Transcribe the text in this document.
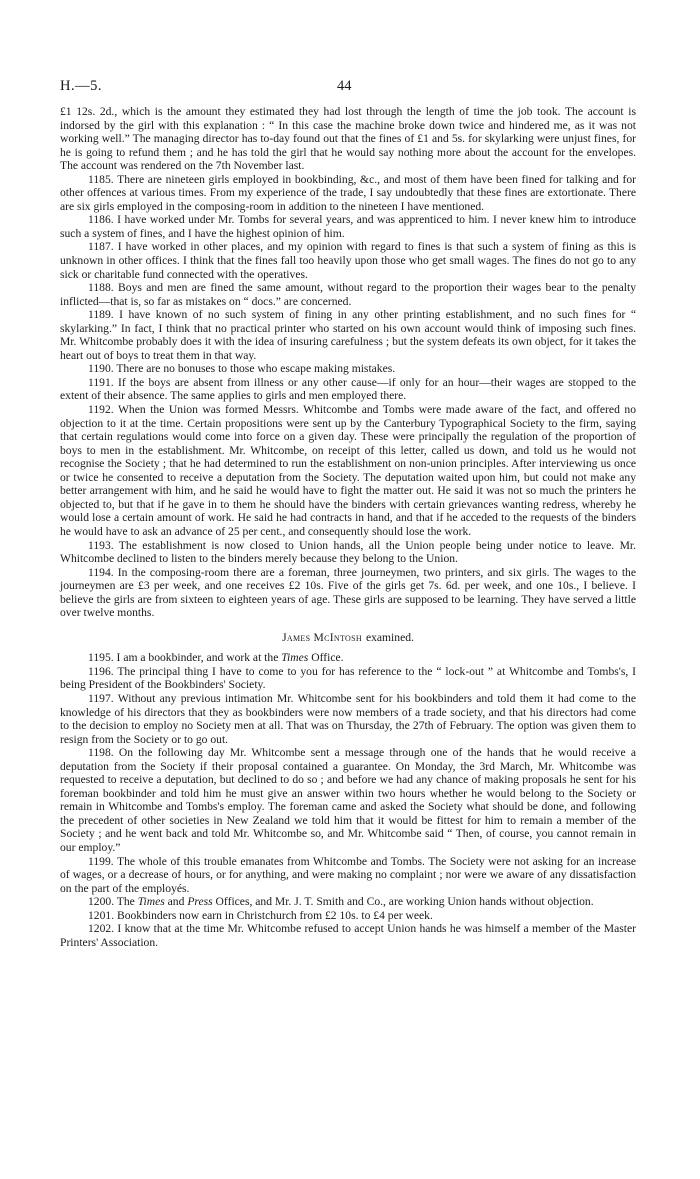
H.—5.	44

£1 12s. 2d., which is the amount they estimated they had lost through the length of time the job took. The account is indorsed by the girl with this explanation : “ In this case the machine broke down twice and hindered me, as it was not working well.” The managing director has to-day found out that the fines of £1 and 5s. for skylarking were unjust fines, for he is going to refund them ; and he has told the girl that he would say nothing more about the account for the envelopes. The account was rendered on the 7th November last.

1185. There are nineteen girls employed in bookbinding, &c., and most of them have been fined for talking and for other offences at various times. From my experience of the trade, I say undoubtedly that these fines are extortionate. There are six girls employed in the composing-room in addition to the nineteen I have mentioned.

1186. I have worked under Mr. Tombs for several years, and was apprenticed to him. I never knew him to introduce such a system of fines, and I have the highest opinion of him.

1187. I have worked in other places, and my opinion with regard to fines is that such a system of fining as this is unknown in other offices. I think that the fines fall too heavily upon those who get small wages. The fines do not go to any sick or charitable fund connected with the operatives.

1188. Boys and men are fined the same amount, without regard to the proportion their wages bear to the penalty inflicted—that is, so far as mistakes on “ docs.” are concerned.

1189. I have known of no such system of fining in any other printing establishment, and no such fines for “ skylarking.” In fact, I think that no practical printer who started on his own account would think of imposing such fines. Mr. Whitcombe probably does it with the idea of insuring carefulness ; but the system defeats its own object, for it takes the heart out of boys to treat them in that way.

1190. There are no bonuses to those who escape making mistakes.

1191. If the boys are absent from illness or any other cause—if only for an hour—their wages are stopped to the extent of their absence. The same applies to girls and men employed there.

1192. When the Union was formed Messrs. Whitcombe and Tombs were made aware of the fact, and offered no objection to it at the time. Certain propositions were sent up by the Canterbury Typographical Society to the firm, saying that certain regulations would come into force on a given day. These were principally the regulation of the proportion of boys to men in the establishment. Mr. Whitcombe, on receipt of this letter, called us down, and told us he would not recognise the Society ; that he had determined to run the establishment on non-union principles. After interviewing us once or twice he consented to receive a deputation from the Society. The deputation waited upon him, but could not make any better arrangement with him, and he said he would have to fight the matter out. He said it was not so much the printers he objected to, but that if he gave in to them he should have the binders with certain grievances wanting redress, whereby he would lose a certain amount of work. He said he had contracts in hand, and that if he acceded to the requests of the binders he would have to ask an advance of 25 per cent., and consequently should lose the work.

1193. The establishment is now closed to Union hands, all the Union people being under notice to leave. Mr. Whitcombe declined to listen to the binders merely because they belong to the Union.

1194. In the composing-room there are a foreman, three journeymen, two printers, and six girls. The wages to the journeymen are £3 per week, and one receives £2 10s. Five of the girls get 7s. 6d. per week, and one 10s., I believe. I believe the girls are from sixteen to eighteen years of age. These girls are supposed to be learning. They have served a little over twelve months.

James McIntosh examined.

1195. I am a bookbinder, and work at the Times Office.

1196. The principal thing I have to come to you for has reference to the “ lock-out ” at Whitcombe and Tombs's, I being President of the Bookbinders' Society.

1197. Without any previous intimation Mr. Whitcombe sent for his bookbinders and told them it had come to the knowledge of his directors that they as bookbinders were now members of a trade society, and that his directors had come to the decision to employ no Society men at all. That was on Thursday, the 27th of February. The option was given them to resign from the Society or to go out.

1198. On the following day Mr. Whitcombe sent a message through one of the hands that he would receive a deputation from the Society if their proposal contained a guarantee. On Monday, the 3rd March, Mr. Whitcombe was requested to receive a deputation, but declined to do so ; and before we had any chance of making proposals he sent for his foreman bookbinder and told him he must give an answer within two hours whether he would belong to the Society or remain in Whitcombe and Tombs's employ. The foreman came and asked the Society what should be done, and following the precedent of other societies in New Zealand we told him that it would be fittest for him to remain a member of the Society ; and he went back and told Mr. Whitcombe so, and Mr. Whitcombe said “ Then, of course, you cannot remain in our employ.”

1199. The whole of this trouble emanates from Whitcombe and Tombs. The Society were not asking for an increase of wages, or a decrease of hours, or for anything, and were making no complaint ; nor were we aware of any dissatisfaction on the part of the employés.

1200. The Times and Press Offices, and Mr. J. T. Smith and Co., are working Union hands without objection.

1201. Bookbinders now earn in Christchurch from £2 10s. to £4 per week.

1202. I know that at the time Mr. Whitcombe refused to accept Union hands he was himself a member of the Master Printers' Association.
